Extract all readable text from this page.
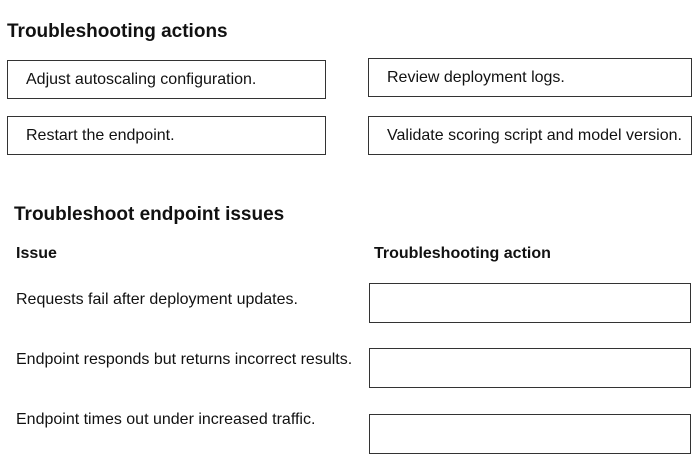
Troubleshooting actions
Adjust autoscaling configuration.	Review deployment logs.
Restart the endpoint.	Validate scoring script and model version.
Troubleshoot endpoint issues
Issue	Troubleshooting action
Requests fail after deployment updates.
Endpoint responds but returns incorrect results.
Endpoint times out under increased traffic.
